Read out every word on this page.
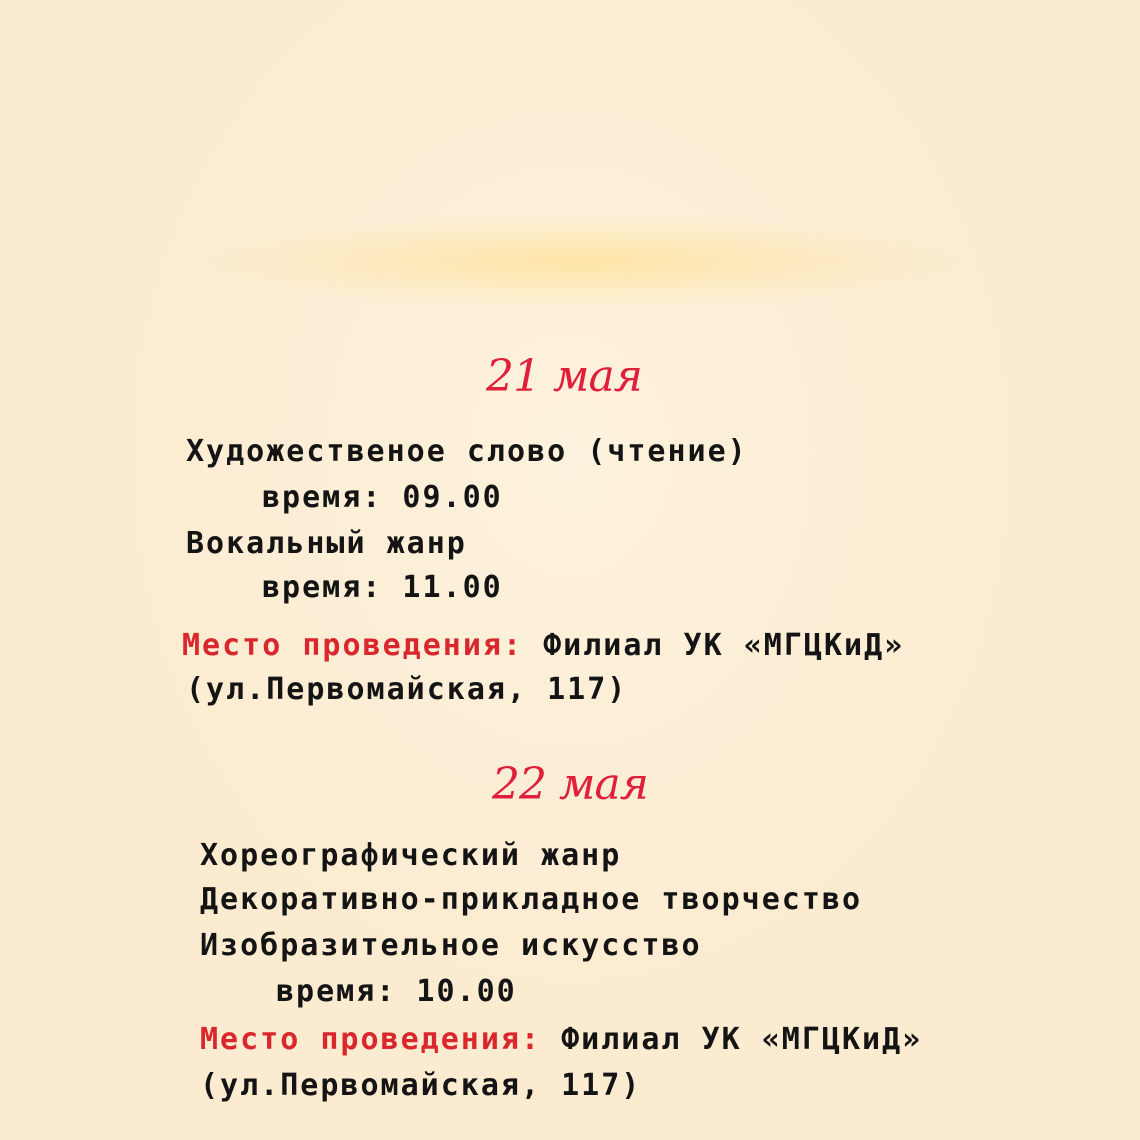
21 мая
Художественое слово (чтение)
время: 09.00
Вокальный жанр
время: 11.00
Место проведения: Филиал УК «МГЦКиД»
(ул.Первомайская, 117)
22 мая
Хореографический жанр
Декоративно-прикладное творчество
Изобразительное искусство
время: 10.00
Место проведения: Филиал УК «МГЦКиД»
(ул.Первомайская, 117)
